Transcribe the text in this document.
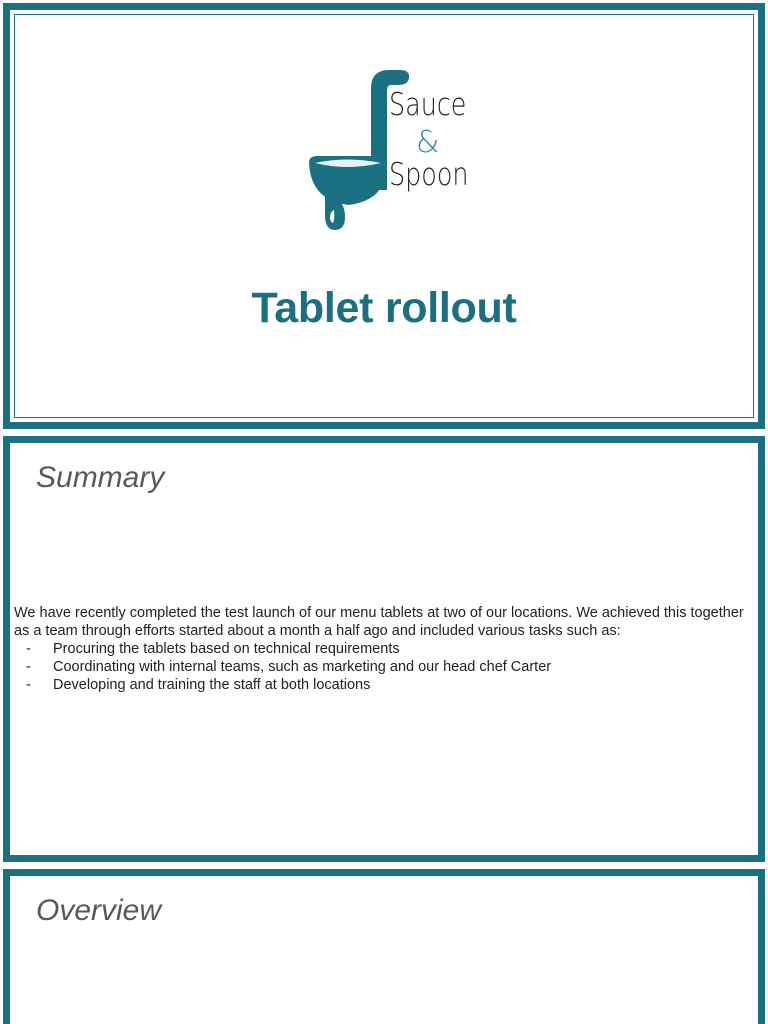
Sauce
&
Spoon
Tablet rollout
Summary

We have recently completed the test launch of our menu tablets at two of our locations. We achieved this together as a team through efforts started about a month a half ago and included various tasks such as:

- Procuring the tablets based on technical requirements
- Coordinating with internal teams, such as marketing and our head chef Carter
- Developing and training the staff at both locations
Overview
